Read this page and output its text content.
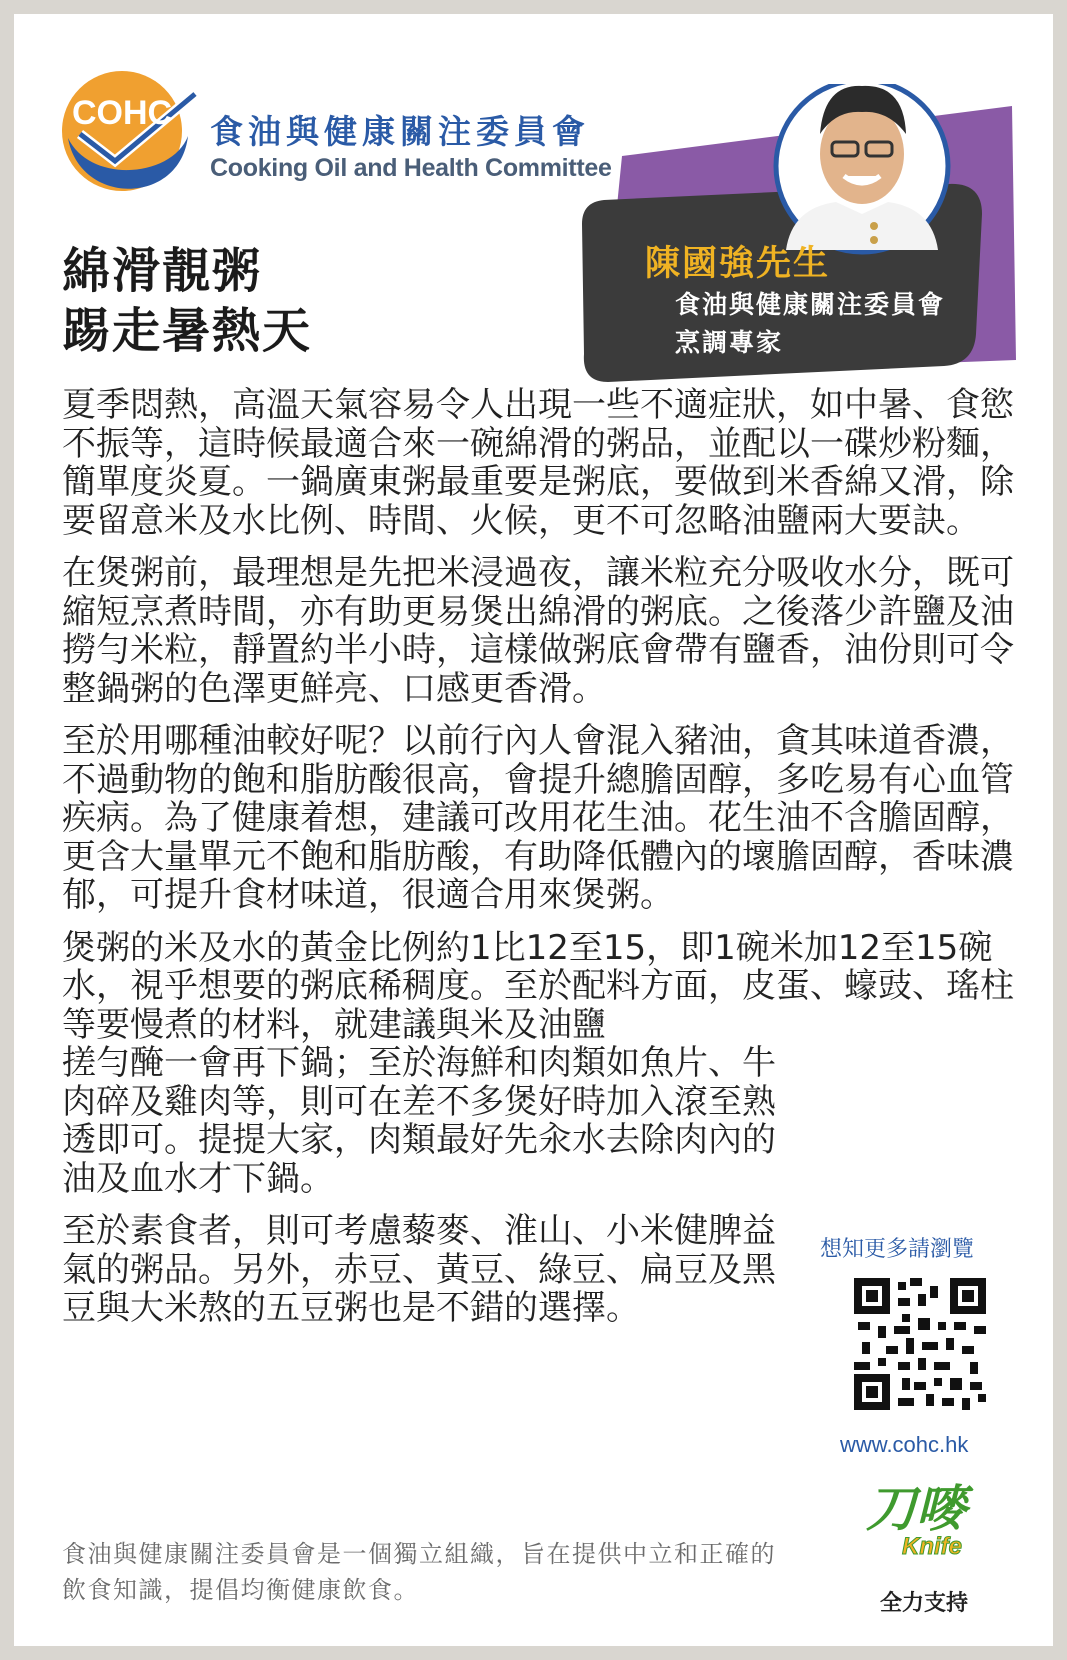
COHC 食油與健康關注委員會
Cooking Oil and Health Committee
綿滑靚粥
踢走暑熱天
陳國強先生
食油與健康關注委員會
烹調專家

夏季悶熱，高溫天氣容易令人出現一些不適症狀，如中暑、食慾不振等，這時候最適合來一碗綿滑的粥品，並配以一碟炒粉麵，簡單度炎夏。一鍋廣東粥最重要是粥底，要做到米香綿又滑，除要留意米及水比例、時間、火候，更不可忽略油鹽兩大要訣。

在煲粥前，最理想是先把米浸過夜，讓米粒充分吸收水分，既可縮短烹煮時間，亦有助更易煲出綿滑的粥底。之後落少許鹽及油撈勻米粒，靜置約半小時，這樣做粥底會帶有鹽香，油份則可令整鍋粥的色澤更鮮亮、口感更香滑。

至於用哪種油較好呢？以前行內人會混入豬油，貪其味道香濃，不過動物的飽和脂肪酸很高，會提升總膽固醇，多吃易有心血管疾病。為了健康着想，建議可改用花生油。花生油不含膽固醇，更含大量單元不飽和脂肪酸，有助降低體內的壞膽固醇，香味濃郁，可提升食材味道，很適合用來煲粥。

煲粥的米及水的黃金比例約1比12至15，即1碗米加12至15碗水，視乎想要的粥底稀稠度。至於配料方面，皮蛋、蠔豉、瑤柱等要慢煮的材料，就建議與米及油鹽

搓勻醃一會再下鍋；至於海鮮和肉類如魚片、牛肉碎及雞肉等，則可在差不多煲好時加入滾至熟透即可。提提大家，肉類最好先汆水去除肉內的油及血水才下鍋。

至於素食者，則可考慮藜麥、淮山、小米健脾益氣的粥品。另外，赤豆、黃豆、綠豆、扁豆及黑豆與大米熬的五豆粥也是不錯的選擇。

食油與健康關注委員會是一個獨立組織，旨在提供中立和正確的飲食知識，提倡均衡健康飲食。
想知更多請瀏覽
www.cohc.hk
刀嘜
Knife
全力支持
